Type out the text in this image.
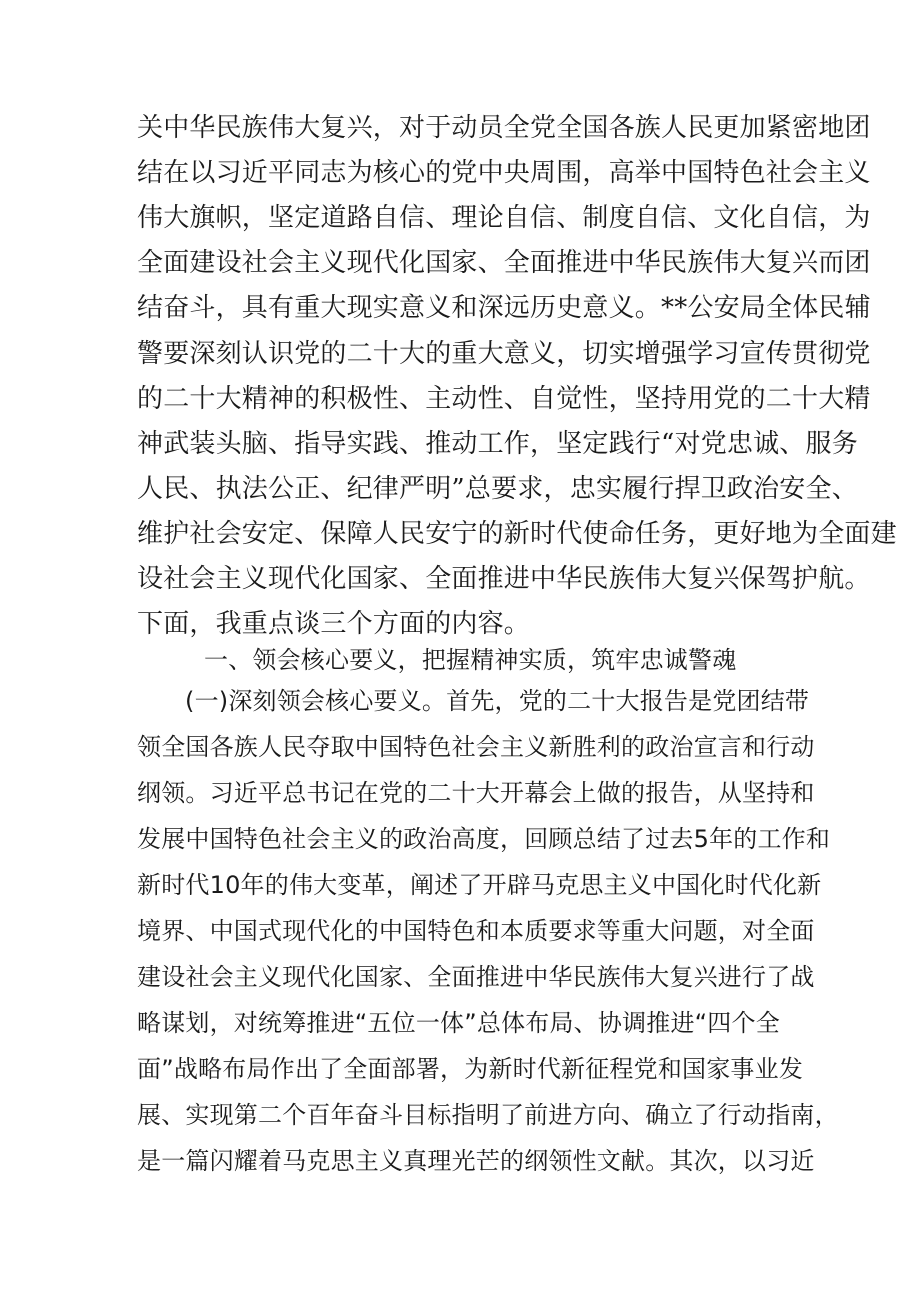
关中华民族伟大复兴，对于动员全党全国各族人民更加紧密地团
结在以习近平同志为核心的党中央周围，高举中国特色社会主义
伟大旗帜，坚定道路自信、理论自信、制度自信、文化自信，为
全面建设社会主义现代化国家、全面推进中华民族伟大复兴而团
结奋斗，具有重大现实意义和深远历史意义。**公安局全体民辅
警要深刻认识党的二十大的重大意义，切实增强学习宣传贯彻党
的二十大精神的积极性、主动性、自觉性，坚持用党的二十大精
神武装头脑、指导实践、推动工作，坚定践行“对党忠诚、服务
人民、执法公正、纪律严明”总要求，忠实履行捍卫政治安全、
维护社会安定、保障人民安宁的新时代使命任务，更好地为全面建
设社会主义现代化国家、全面推进中华民族伟大复兴保驾护航。
下面，我重点谈三个方面的内容。
一、领会核心要义，把握精神实质，筑牢忠诚警魂
(一)深刻领会核心要义。首先，党的二十大报告是党团结带
领全国各族人民夺取中国特色社会主义新胜利的政治宣言和行动
纲领。习近平总书记在党的二十大开幕会上做的报告，从坚持和
发展中国特色社会主义的政治高度，回顾总结了过去5年的工作和
新时代10年的伟大变革，阐述了开辟马克思主义中国化时代化新
境界、中国式现代化的中国特色和本质要求等重大问题，对全面
建设社会主义现代化国家、全面推进中华民族伟大复兴进行了战
略谋划，对统筹推进“五位一体”总体布局、协调推进“四个全
面”战略布局作出了全面部署，为新时代新征程党和国家事业发
展、实现第二个百年奋斗目标指明了前进方向、确立了行动指南，
是一篇闪耀着马克思主义真理光芒的纲领性文献。其次，以习近
